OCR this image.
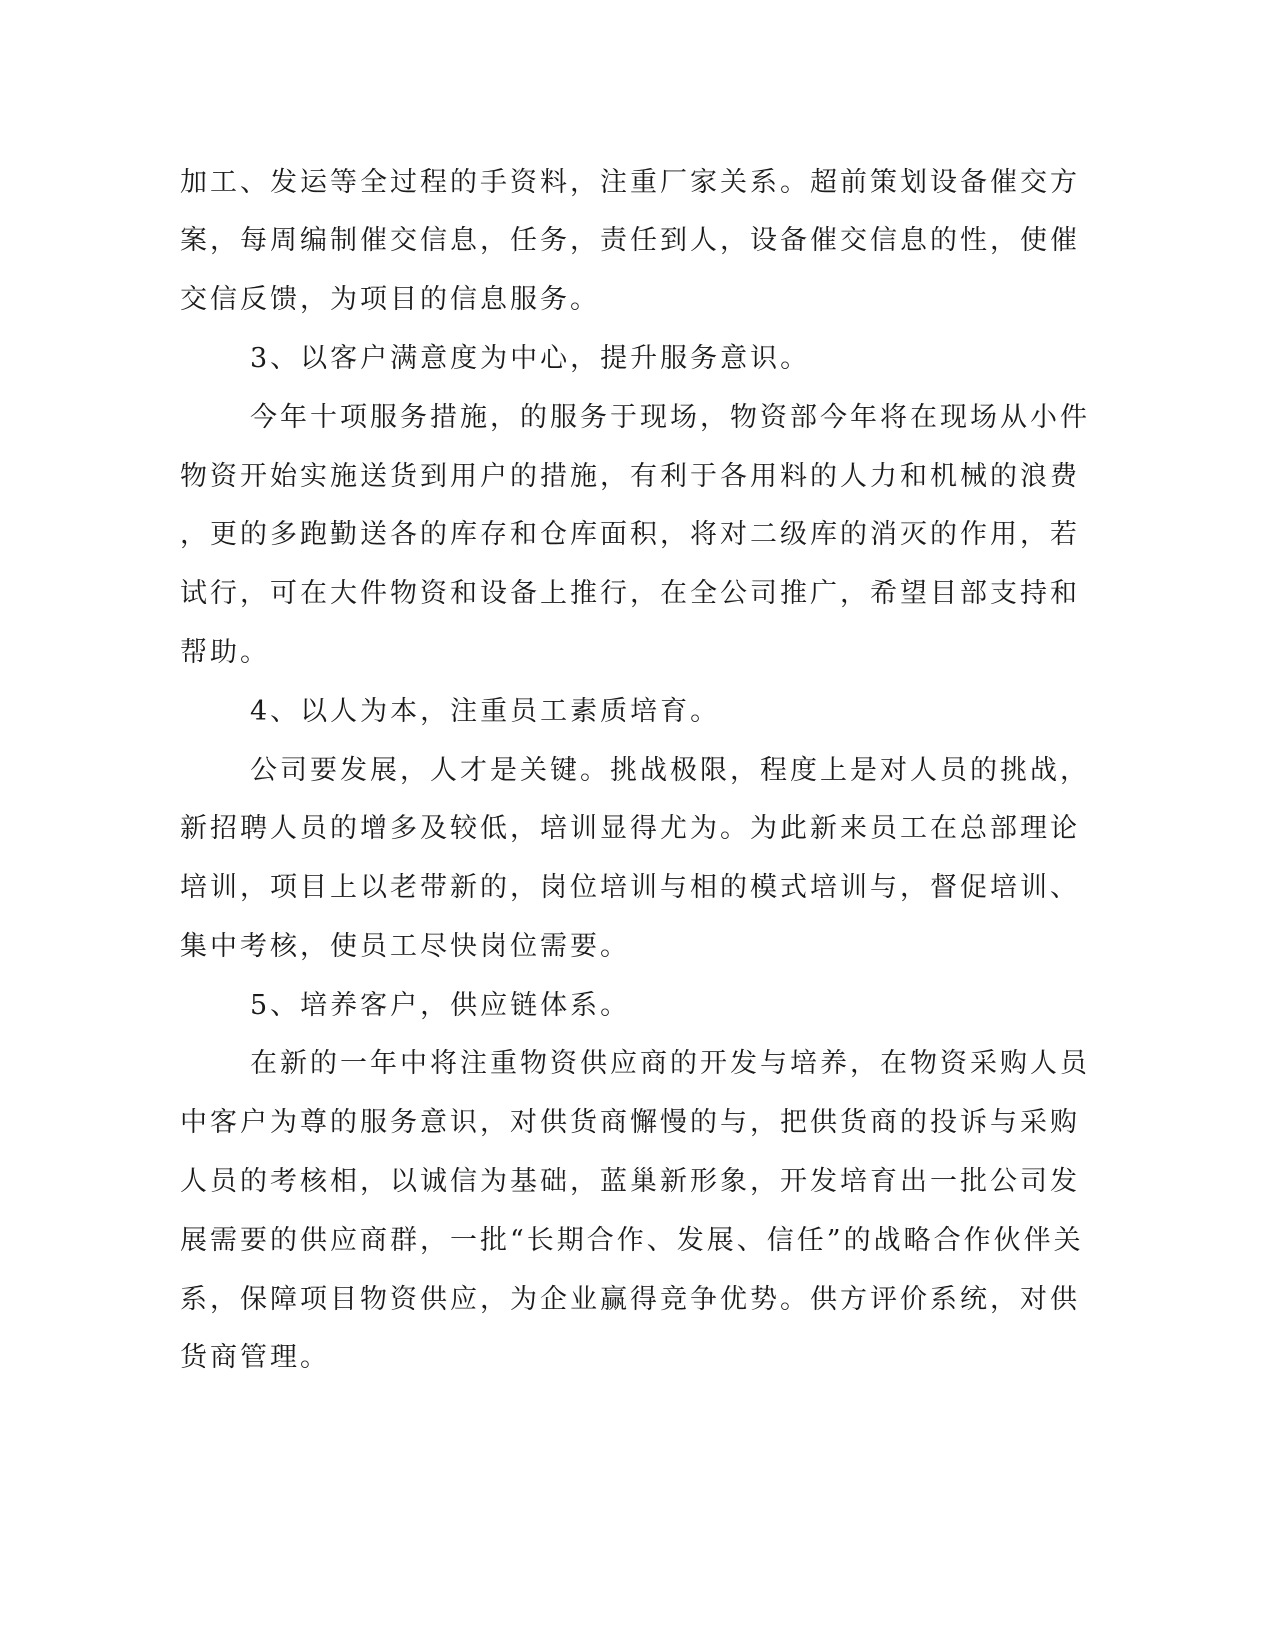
加工、发运等全过程的手资料，注重厂家关系。超前策划设备催交方

案，每周编制催交信息，任务，责任到人，设备催交信息的性，使催

交信反馈，为项目的信息服务。

3、以客户满意度为中心，提升服务意识。

今年十项服务措施，的服务于现场，物资部今年将在现场从小件

物资开始实施送货到用户的措施，有利于各用料的人力和机械的浪费

，更的多跑勤送各的库存和仓库面积，将对二级库的消灭的作用，若

试行，可在大件物资和设备上推行，在全公司推广，希望目部支持和

帮助。

4、以人为本，注重员工素质培育。

公司要发展，人才是关键。挑战极限，程度上是对人员的挑战，

新招聘人员的增多及较低，培训显得尤为。为此新来员工在总部理论

培训，项目上以老带新的，岗位培训与相的模式培训与，督促培训、

集中考核，使员工尽快岗位需要。

5、培养客户，供应链体系。

在新的一年中将注重物资供应商的开发与培养，在物资采购人员

中客户为尊的服务意识，对供货商懈慢的与，把供货商的投诉与采购

人员的考核相，以诚信为基础，蓝巢新形象，开发培育出一批公司发

展需要的供应商群，一批“长期合作、发展、信任”的战略合作伙伴关

系，保障项目物资供应，为企业赢得竞争优势。供方评价系统，对供

货商管理。
